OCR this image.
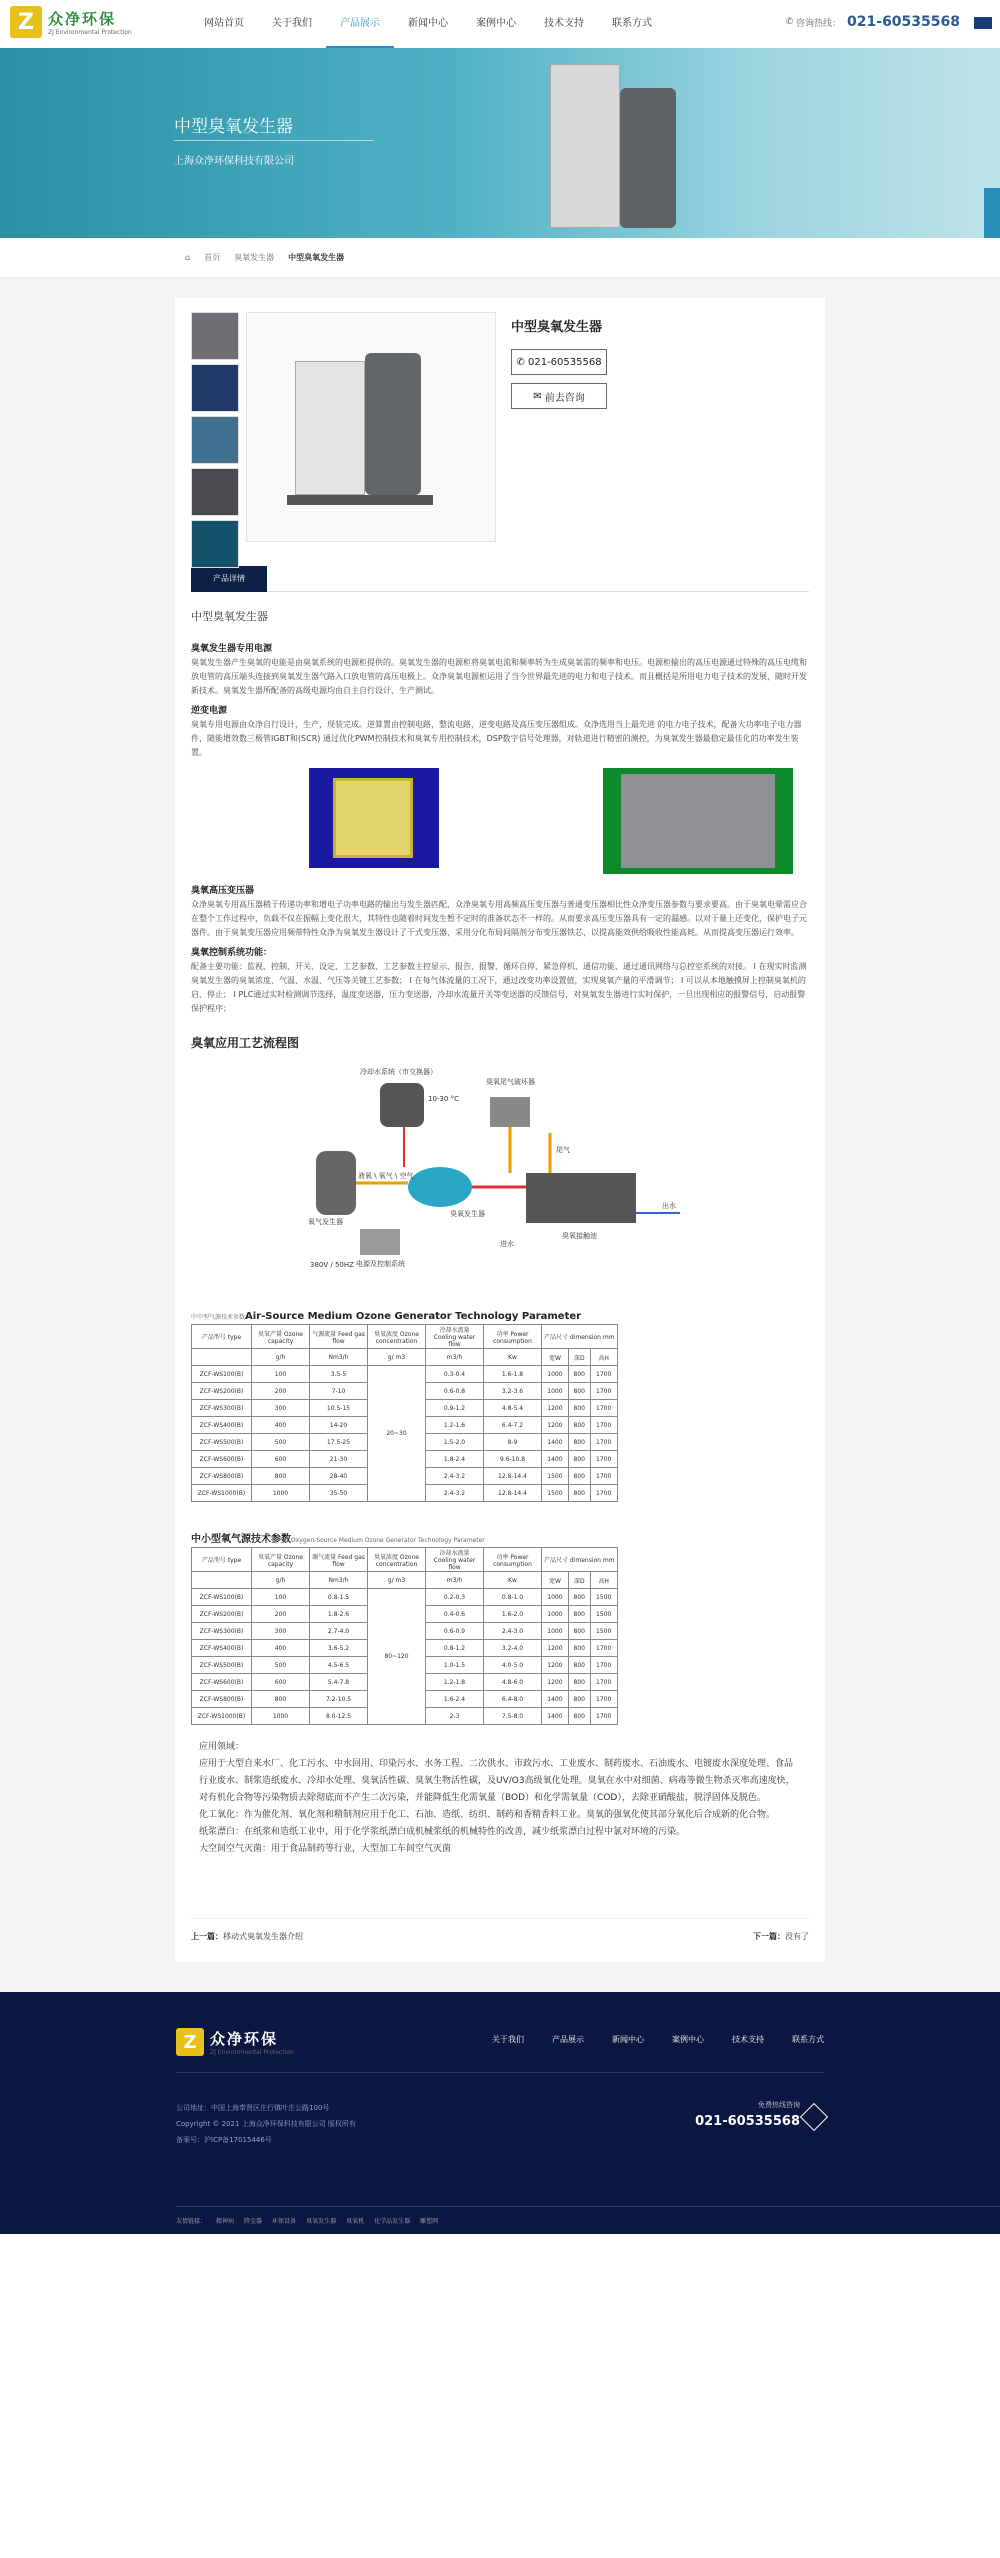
Z 众净环保
ZJ Environmental Protection
网站首页	关于我们	产品展示	新闻中心	案例中心	技术支持	联系方式	✆
咨询热线： 021-60535568
中型臭氧发生器
上海众净环保科技有限公司
⌂ 首页 臭氧发生器 中型臭氧发生器
中型臭氧发生器
✆ 021-60535568
✉ 前去咨询
产品详情
中型臭氧发生器
臭氧发生器专用电源

臭氧发生器产生臭氧的电能是由臭氧系统的电源柜提供的。臭氧发生器的电源柜将臭氧电流和频率转为生成臭氧需的频率和电压。电源柜输出的高压电源通过特殊的高压电缆和放电管的高压端头连接到臭氧发生器气路入口放电管的高压电极上。众净臭氧电源柜运用了当今世界最先进的电力和电子技术。而且概括是所用电力电子技术的发展，随时开发新技术。臭氧发生器所配备的高级电源均由自主自行设计，生产测试。

逆变电源

臭氧专用电源由众净自行设计，生产，现装完成。逆算置由控制电路，整流电路，逆变电路及高压变压器组成。众净选用当上最先进 的电力电子技术，配备大功率电子电力器件，随能增效数三极管IGBT和(SCR) 通过优化PWM控制技术和臭氧专用控制技术，DSP数字信号处理器，对轨道进行精密的测控，为臭氧发生器最稳定最佳化的功率发生装置。

臭氧高压变压器

众净臭氧专用高压器稍于传递功率和增电子功率电路的输出与发生器匹配，众净臭氧专用高频高压变压器与普通变压器相比性众净变压器参数与要求要高。由于臭氧电晕需应合在整个工作过程中，负载不仅在振幅上变化很大，其特性也随着时间发生暂不定时的准备状态不一样的。从而要求高压变压器具有一定的漏感。以对于量上还变化，保护电子元器件。由于臭氧变压器应用频带特性众净为臭氧发生器设计了干式变压器，采用分化布局间隔剂分布变压器铁芯，以提高能效供给吸收性能高耗。从而提高变压器运行效率。

臭氧控制系统功能：

配备主要功能：监视、控制、开关、设定、工艺参数、工艺参数主控显示、报告、报警、循环自停、紧急停机、通信功能、通过通讯网络与总控室系统的对接。 I 在现实时监测臭氧发生器的臭氧浓度、气温、水温、气压等关键工艺参数； I 在每气体流量的工况下，通过改变功率设置值，实现臭氧产量的平滑调节； I 可以从本地触摸屏上控制臭氧机的启、停止； I PLC通过实时检测调节选择，温度变送器，压力变送器，冷却水流量开关等变送器的反馈信号，对臭氧发生器进行实时保护，一旦出现相应的报警信号，启动报警保护程序；

臭氧应用工艺流程图
冷却水系统（市交换器）
10-30 °C
臭氧尾气破坏器
尾气
氧气发生器
液氧 \ 氧气 \ 空气
臭氧发生器
380V / 50HZ 电源及控制系统
进水
臭氧接触池
出水
中中型气源技术参数Air-Source Medium Ozone Generator Technology Parameter
产品型号 type	臭氧产量 Ozone capacity	气源流量 Feed gas flow	臭氧浓度 Ozone concentration	冷却水流量 Cooling water flow	功率 Power consumption	产品尺寸 dimension mm		
	g/h	Nm3/h	g/ m3	m3/h	Kw	宽W	深D	高H
ZCF-WS100(B)	100	3.5-5	20~30	0.3-0.4	1.6-1.8	1000	800	1700
ZCF-WS200(B)	200	7-10		0.6-0.8	3.2-3.6	1000	800	1700
ZCF-WS300(B)	300	10.5-15		0.9-1.2	4.8-5.4	1200	800	1700
ZCF-WS400(B)	400	14-20		1.2-1.6	6.4-7.2	1200	800	1700
ZCF-WS500(B)	500	17.5-25		1.5-2.0	8-9	1400	800	1700
ZCF-WS600(B)	600	21-30		1.8-2.4	9.6-10.8	1400	800	1700
ZCF-WS800(B)	800	28-40		2.4-3.2	12.8-14.4	1500	800	1700
ZCF-WS1000(B)	1000	35-50		2.4-3.2	12.8-14.4	1500	800	1700
中小型氧气源技术参数Oxygen-Source Medium Ozone Generator Technology Parameter
产品型号 type	臭氧产量 Ozone capacity	源气流量 Feed gas flow	臭氧浓度 Ozone concentration	冷却水流量 Cooling water flow	功率 Power consumption	产品尺寸 dimension mm		
	g/h	Nm3/h	g/ m3	m3/h	Kw	宽W	深D	高H
ZCF-WS100(B)	100	0.8-1.5	80~120	0.2-0.3	0.8-1.0	1000	800	1500
ZCF-WS200(B)	200	1.8-2.6		0.4-0.6	1.6-2.0	1000	800	1500
ZCF-WS300(B)	300	2.7-4.0		0.6-0.9	2.4-3.0	1000	800	1500
ZCF-WS400(B)	400	3.6-5.2		0.8-1.2	3.2-4.0	1200	800	1700
ZCF-WS500(B)	500	4.5-6.5		1.0-1.5	4.0-5.0	1200	800	1700
ZCF-WS600(B)	600	5.4-7.8		1.2-1.8	4.8-6.0	1200	800	1700
ZCF-WS800(B)	800	7.2-10.5		1.6-2.4	6.4-8.0	1400	800	1700
ZCF-WS1000(B)	1000	8.0-12.5		2-3	7.5-8.0	1400	800	1700

应用领域：

应用于大型自来水厂、化工污水、中水回用、印染污水、水务工程、二次供水、市政污水、工业废水、制药废水、石油废水、电镀废水深度处理、食品行业废水、制浆造纸废水、冷却水处理、臭氧活性碳、臭氧生物活性碳，及UV/O3高级氧化处理。臭氧在水中对细菌、病毒等微生物杀灭率高速度快，对有机化合物等污染物质去除彻底而不产生二次污染，并能降低生化需氧量（BOD）和化学需氧量（COD），去除亚硝酸盐，脱浮固体及脱色。

化工氧化：作为催化剂、氧化剂和精制剂应用于化工、石油、造纸、纺织、制药和香精香料工业。臭氧的强氧化使其部分氧化后合成新的化合物。

纸浆漂白：在纸浆和造纸工业中，用于化学浆纸漂白成机械浆纸的机械特性的改善，减少纸浆漂白过程中氯对环境的污染。

大空间空气灭菌：用于食品制药等行业，大型加工车间空气灭菌

上一篇：移动式臭氧发生器介绍	下一篇：没有了
Z 众净环保
ZJ Environmental Protection
关于我们	产品展示	新闻中心	案例中心	技术支持	联系方式
公司地址：中国上海奉贤区庄行镇叶庄公路100号
Copyright © 2021 上海众净环保科技有限公司 版权所有
备案号：沪ICP备17015446号
免费热线咨询
021-60535568
友情链接： 精神病 降尘器 环保设备 臭氧发生器 臭氧机 化学品发生器 雕塑网
